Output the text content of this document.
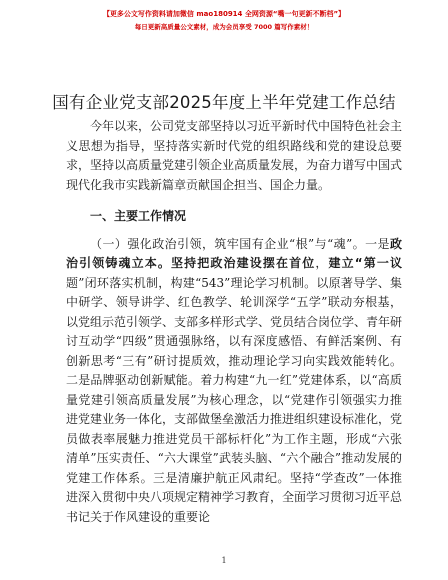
【更多公文写作资料请加微信 mao180914 全网资源“嘴一句更新不断档”】
每日更新高质量公文素材，成为会员享受 7000 篇写作素材！
国有企业党支部2025年度上半年党建工作总结

今年以来，公司党支部坚持以习近平新时代中国特色社会主义思想为指导，坚持落实新时代党的组织路线和党的建设总要求，坚持以高质量党建引领企业高质量发展，为奋力谱写中国式现代化我市实践新篇章贡献国企担当、国企力量。

一、主要工作情况

（一）强化政治引领，筑牢国有企业“根”与“魂”。一是政治引领铸魂立本。坚持把政治建设摆在首位，建立“第一议题”闭环落实机制，构建“543”理论学习机制。以原著导学、集中研学、领导讲学、红色教学、轮训深学“五学”联动夯根基，以党组示范引领学、支部多样形式学、党员结合岗位学、青年研讨互动学“四级”贯通强脉络，以有深度感悟、有鲜活案例、有创新思考“三有”研讨提质效，推动理论学习向实践效能转化。二是品牌驱动创新赋能。着力构建“九一红”党建体系，以“高质量党建引领高质量发展”为核心理念，以“党建作引领强实力推进党建业务一体化，支部做堡垒激活力推进组织建设标准化，党员做表率展魅力推进党员干部标杆化”为工作主题，形成“六张清单”压实责任、“六大课堂”武装头脑、“六个融合”推动发展的党建工作体系。三是清廉护航正风肃纪。坚持“学查改”一体推进深入贯彻中央八项规定精神学习教育，全面学习贯彻习近平总书记关于作风建设的重要论

1
